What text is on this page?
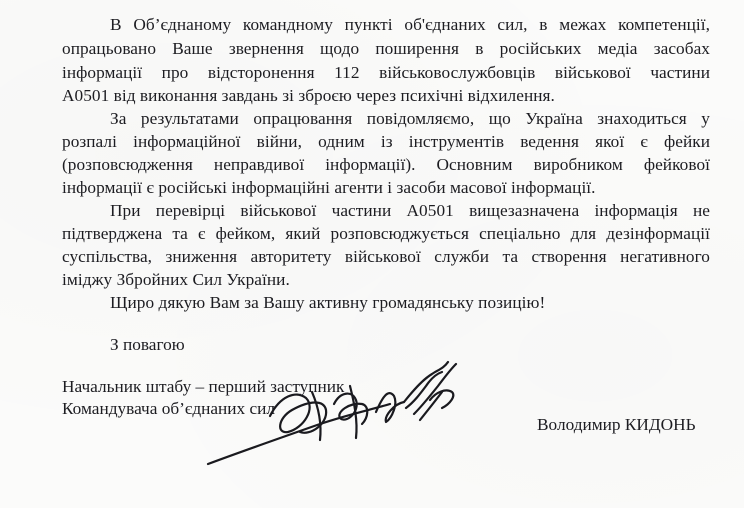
В Об’єднаному командному пункті об'єднаних сил, в межах компетенції,
опрацьовано Ваше звернення щодо поширення в російських медіа засобах
інформації про відсторонення 112 військовослужбовців військової частини
А0501 від виконання завдань зі зброєю через психічні відхилення.
За результатами опрацювання повідомляємо, що Україна знаходиться у
розпалі інформаційної війни, одним із інструментів ведення якої є фейки
(розповсюдження неправдивої інформації). Основним виробником фейкової
інформації є російські інформаційні агенти і засоби масової інформації.
При перевірці військової частини А0501 вищезазначена інформація не
підтверджена та є фейком, який розповсюджується спеціально для дезінформації
суспільства, зниження авторитету військової служби та створення негативного
іміджу Збройних Сил України.
Щиро дякую Вам за Вашу активну громадянську позицію!
З повагою
Начальник штабу – перший заступник
Командувача об’єднаних сил
Володимир КИДОНЬ
